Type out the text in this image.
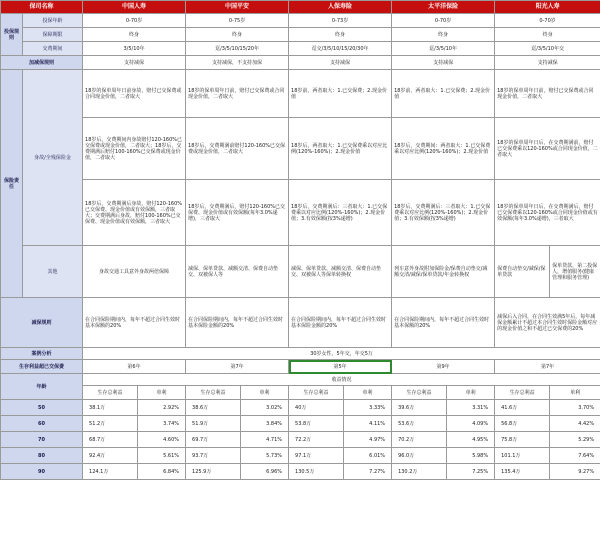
保司名称		中国人寿		中国平安		人保寿险		太平洋保险		阳光人寿	
投保规则	投保年龄	0-70岁		0-75岁		0-73岁		0-70岁		0-70岁	
	保障期限	终身		终身		终身		终身		终身	
	交费期间	3/5/10年		趸/3/5/10/15/20年		趸交/3/5/10/15/20/30年		趸/3/5/10年		趸/3/5/10年交	
加减保规则		支持减保		支持减保，不支持加保		支持减保		支持减保		支持减保	
保险责任	身故/全残保险金	18岁的保单周年日前身故，赔付已交保费或合同现金价值，二者取大		18岁的保单周年日前，赔付已交保费或合同现金价值，二者取大		18岁前，两者取大：1.已交保费；2.现金价值		18岁前，两者取大：1.已交保费；2.现金价值		18岁的保单周年日前，赔付已交保费或合同现金价值，二者取大	
		18岁后，交费期间内身故赔付120-160%已交保费或现金价值，二者取大；18岁后，交费期满后赔付100-160%已交保费或现金价值，二者取大		18岁后，交费期满前赔付120-160%已交保费或现金价值，二者取大		18岁后，两者取大：1.已交保费乘以对应比例(120%-160%)；2.现金价值		18岁后，交费期间：两者取大：1.已交保费乘以对应比例(120%-160%)；2.现金价值		18岁的保单周年日后，在交费期满前，赔付已交保费乘以120-160%或合同现金价值，二者取大	
		18岁后，交费期满后身故，赔付120-160%已交保费、现金价值或有效保额，三者取大；交费期满后身故，赔付100-160%已交保费、现金价值或有效保额，三者取大		18岁后，交费期满后，赔付120-160%已交保费、现金价值或有效保额(每年3.0%递增)，三者取大		18岁后，交费期满后：三者取大：1.已交保费乘以对应比例(120%-160%)；2.现金价值；3.有效保额(按3%递增)		18岁后，交费期满后：三者取大：1.已交保费乘以对应比例(120%-160%)；2.现金价值；3.有效保额(按3%递增)		18岁的保单周年日后，在交费期满后，赔付已交保费乘以120-160%或合同现金价值或有效保额(每年3.0%递增)，三者取大	
	其他	身故交通工具意外身故两倍保障		减保、保单贷款、减额交清、保费自动垫交、双被保人等		减保、保单贷款、减额交清、保费自动垫交、双被保人等保单转换权		列车意外身故附加保险金/保费自动垫交/减额交清/减保/保单贷款/年金转换权		保费自动垫交/减保/保单贷款	保单贷款，第二投保人，增值服务(健康管理和服务管理)
减保规则		在合同保险期间内，每年不超过合同生效时基本保额的20%		在合同保险期间内，每年不超过合同生效时基本保险金额的20%		在合同保险期间内，每年不超过合同生效时基本保险金额的20%		在合同保险期间内，每年不超过合同生效时基本保额的20%		减保后入合同，在合同生效满5年后，每年减保金额累计不超过本合同生效时保险金额对应的现金价值之和不超过已交保费的20%	
案例分析		30岁女性，5年交，年交5万									
生存利益超已交保费		第6年		第7年		第5年		第9年		第7年	
年龄		收益情况									
		生存总利益	单利	生存总利益	单利	生存总利益	单利	生存总利益	单利	生存总利益	单利
50		38.1万	2.92%	38.6万	3.02%	40万	3.33%	39.6万	3.31%	41.6万	3.70%
60		51.2万	3.74%	51.9万	3.84%	53.8万	4.11%	53.6万	4.09%	56.8万	4.42%
70		68.7万	4.60%	69.7万	4.71%	72.2万	4.97%	70.2万	4.95%	75.8万	5.29%
80		92.4万	5.61%	93.7万	5.73%	97.1万	6.01%	96.0万	5.98%	101.1万	7.64%
90		124.1万	6.84%	125.9万	6.96%	130.5万	7.27%	130.2万	7.25%	135.4万	9.27%
